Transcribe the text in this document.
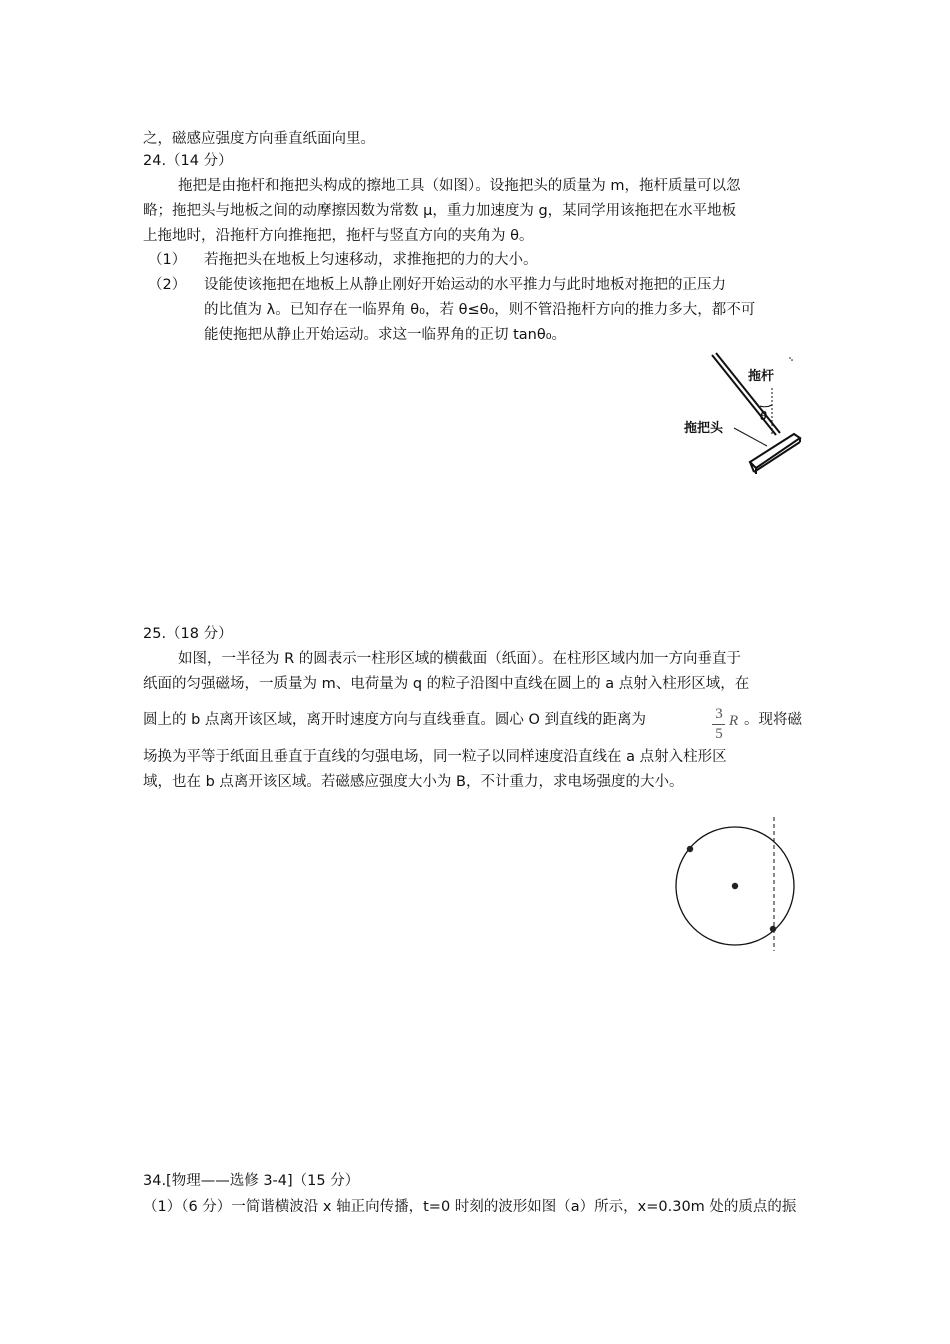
之，磁感应强度方向垂直纸面向里。
24.（14 分）
拖把是由拖杆和拖把头构成的擦地工具（如图）。设拖把头的质量为 m，拖杆质量可以忽
略；拖把头与地板之间的动摩擦因数为常数 μ，重力加速度为 g，某同学用该拖把在水平地板
上拖地时，沿拖杆方向推拖把，拖杆与竖直方向的夹角为 θ。
（1） 若拖把头在地板上匀速移动，求推拖把的力的大小。
（2） 设能使该拖把在地板上从静止刚好开始运动的水平推力与此时地板对拖把的正压力
的比值为 λ。已知存在一临界角 θ₀，若 θ≤θ₀，则不管沿拖杆方向的推力多大，都不可
能使拖把从静止开始运动。求这一临界角的正切 tanθ₀。
拖杆
拖把头
θ
25.（18 分）
如图，一半径为 R 的圆表示一柱形区域的横截面（纸面）。在柱形区域内加一方向垂直于
纸面的匀强磁场，一质量为 m、电荷量为 q 的粒子沿图中直线在圆上的 a 点射入柱形区域，在
圆上的 b 点离开该区域，离开时速度方向与直线垂直。圆心 O 到直线的距离为	3
5
R 。现将磁
场换为平等于纸面且垂直于直线的匀强电场，同一粒子以同样速度沿直线在 a 点射入柱形区
域，也在 b 点离开该区域。若磁感应强度大小为 B，不计重力，求电场强度的大小。
34.[物理——选修 3-4]（15 分）
（1）（6 分）一简谐横波沿 x 轴正向传播，t=0 时刻的波形如图（a）所示，x=0.30m 处的质点的振
